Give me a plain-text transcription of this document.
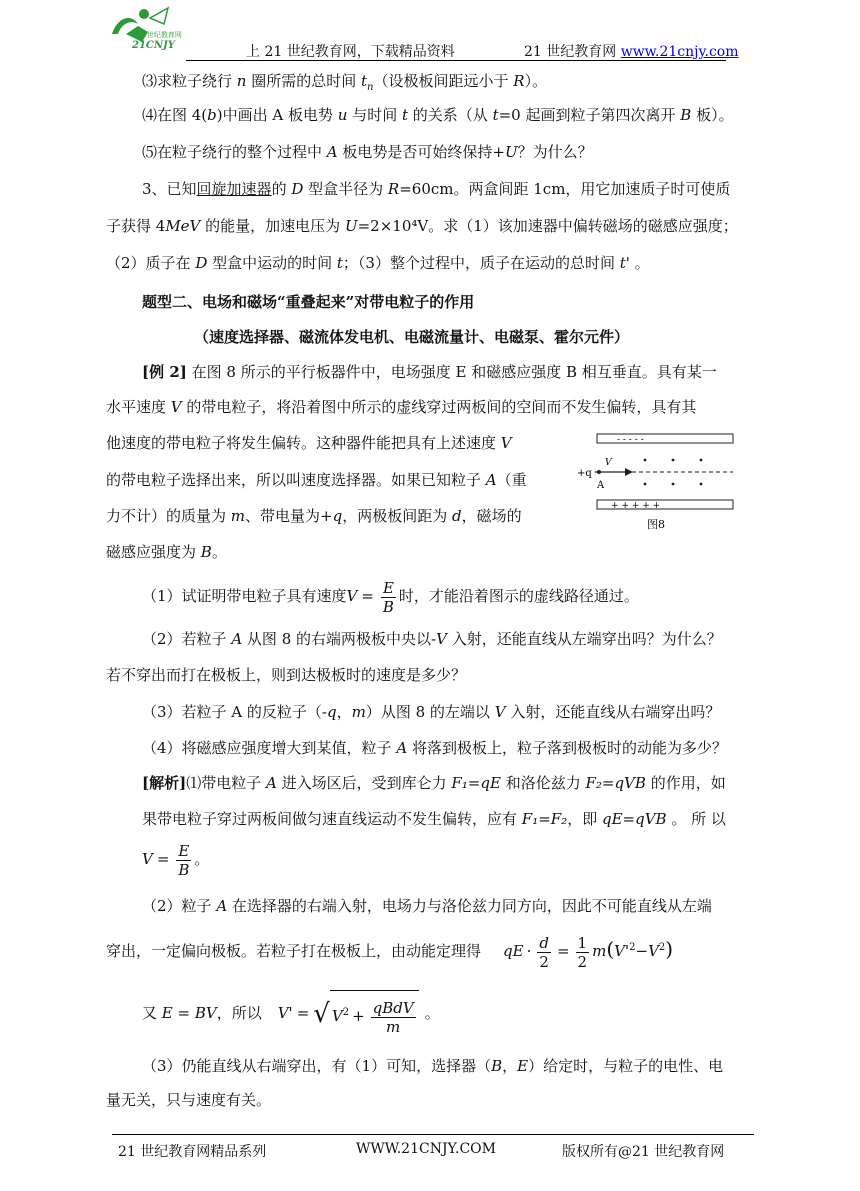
21世纪教育网
21CNJY	上 21 世纪教育网，下载精品资料	21 世纪教育网 www.21cnjy.com
⑶求粒子绕行 n 圈所需的总时间 $t_n$（设极板间距远小于 R）。
⑷在图 4(b)中画出 A 板电势 u 与时间 t 的关系（从 t=0 起画到粒子第四次离开 B 板）。
⑸在粒子绕行的整个过程中 A 板电势是否可始终保持+U？为什么？
3、已知回旋加速器的 D 型盒半径为 R=60cm。两盒间距 1cm，用它加速质子时可使质
子获得 4MeV 的能量，加速电压为 U=2×10⁴V。求（1）该加速器中偏转磁场的磁感应强度；
（2）质子在 D 型盒中运动的时间 t；（3）整个过程中，质子在运动的总时间 t' 。
题型二、电场和磁场“重叠起来”对带电粒子的作用
（速度选择器、磁流体发电机、电磁流量计、电磁泵、霍尔元件）
[例 2] 在图 8 所示的平行板器件中，电场强度 E 和磁感应强度 B 相互垂直。具有某一
水平速度 V 的带电粒子，将沿着图中所示的虚线穿过两板间的空间而不发生偏转，具有其
他速度的带电粒子将发生偏转。这种器件能把具有上述速度 V
的带电粒子选择出来，所以叫速度选择器。如果已知粒子 A（重
力不计）的质量为 m、带电量为+q，两极板间距为 d，磁场的
磁感应强度为 B。
- - - - -
+q
V
A
+ + + + +
图8
（1）试证明带电粒子具有速度$V = \frac{E}{B}$ 时，才能沿着图示的虚线路径通过。
（2）若粒子 A 从图 8 的右端两极板中央以-V 入射，还能直线从左端穿出吗？为什么？
若不穿出而打在极板上，则到达极板时的速度是多少？
（3）若粒子 A 的反粒子（-q，m）从图 8 的左端以 V 入射，还能直线从右端穿出吗？
（4）将磁感应强度增大到某值，粒子 A 将落到极板上，粒子落到极板时的动能为多少？
[解析]⑴带电粒子 A 进入场区后，受到库仑力 F₁=qE 和洛伦兹力 F₂=qVB 的作用，如
果带电粒子穿过两板间做匀速直线运动不发生偏转，应有 F₁=F₂，即 qE=qVB 。 所 以
$V = \frac{E}{B}$ 。
（2）粒子 A 在选择器的右端入射，电场力与洛伦兹力同方向，因此不可能直线从左端
穿出，一定偏向极板。若粒子打在极板上，由动能定理得 qE · $\frac{d}{2} = \frac{1}{2} m(V'^2-V^2)$
又 E = BV，所以 V' = √ $V^2 + \frac{\text{qBdV}}{m}$ 。
（3）仍能直线从右端穿出，有（1）可知，选择器（B，E）给定时，与粒子的电性、电
量无关，只与速度有关。
21 世纪教育网精品系列	WWW.21CNJY.COM	版权所有@21 世纪教育网
